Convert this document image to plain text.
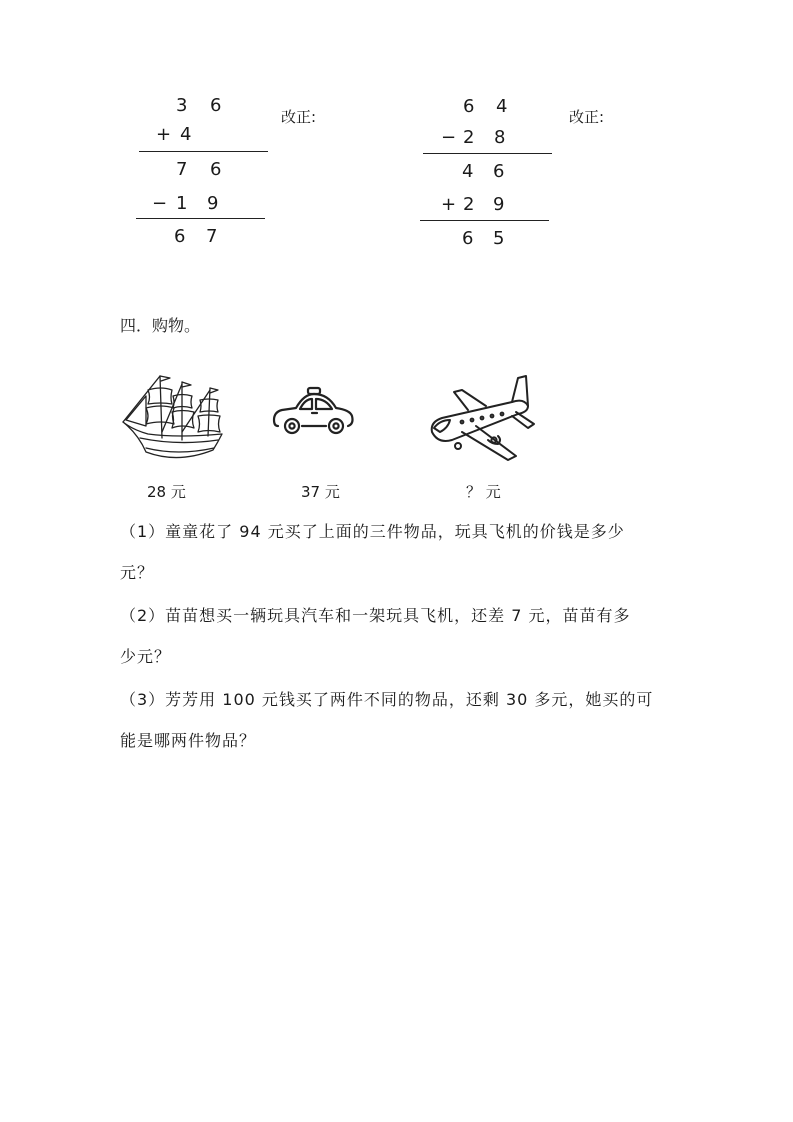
3 6
+ 4
7 6
− 1 9
6 7
改正:	6 4
− 2 8
4 6
+ 2 9
6 5
改正:
四．购物。
28 元	37 元	？ 元
（1）童童花了 94 元买了上面的三件物品，玩具飞机的价钱是多少
元？
（2）苗苗想买一辆玩具汽车和一架玩具飞机，还差 7 元，苗苗有多
少元？
（3）芳芳用 100 元钱买了两件不同的物品，还剩 30 多元，她买的可
能是哪两件物品？
